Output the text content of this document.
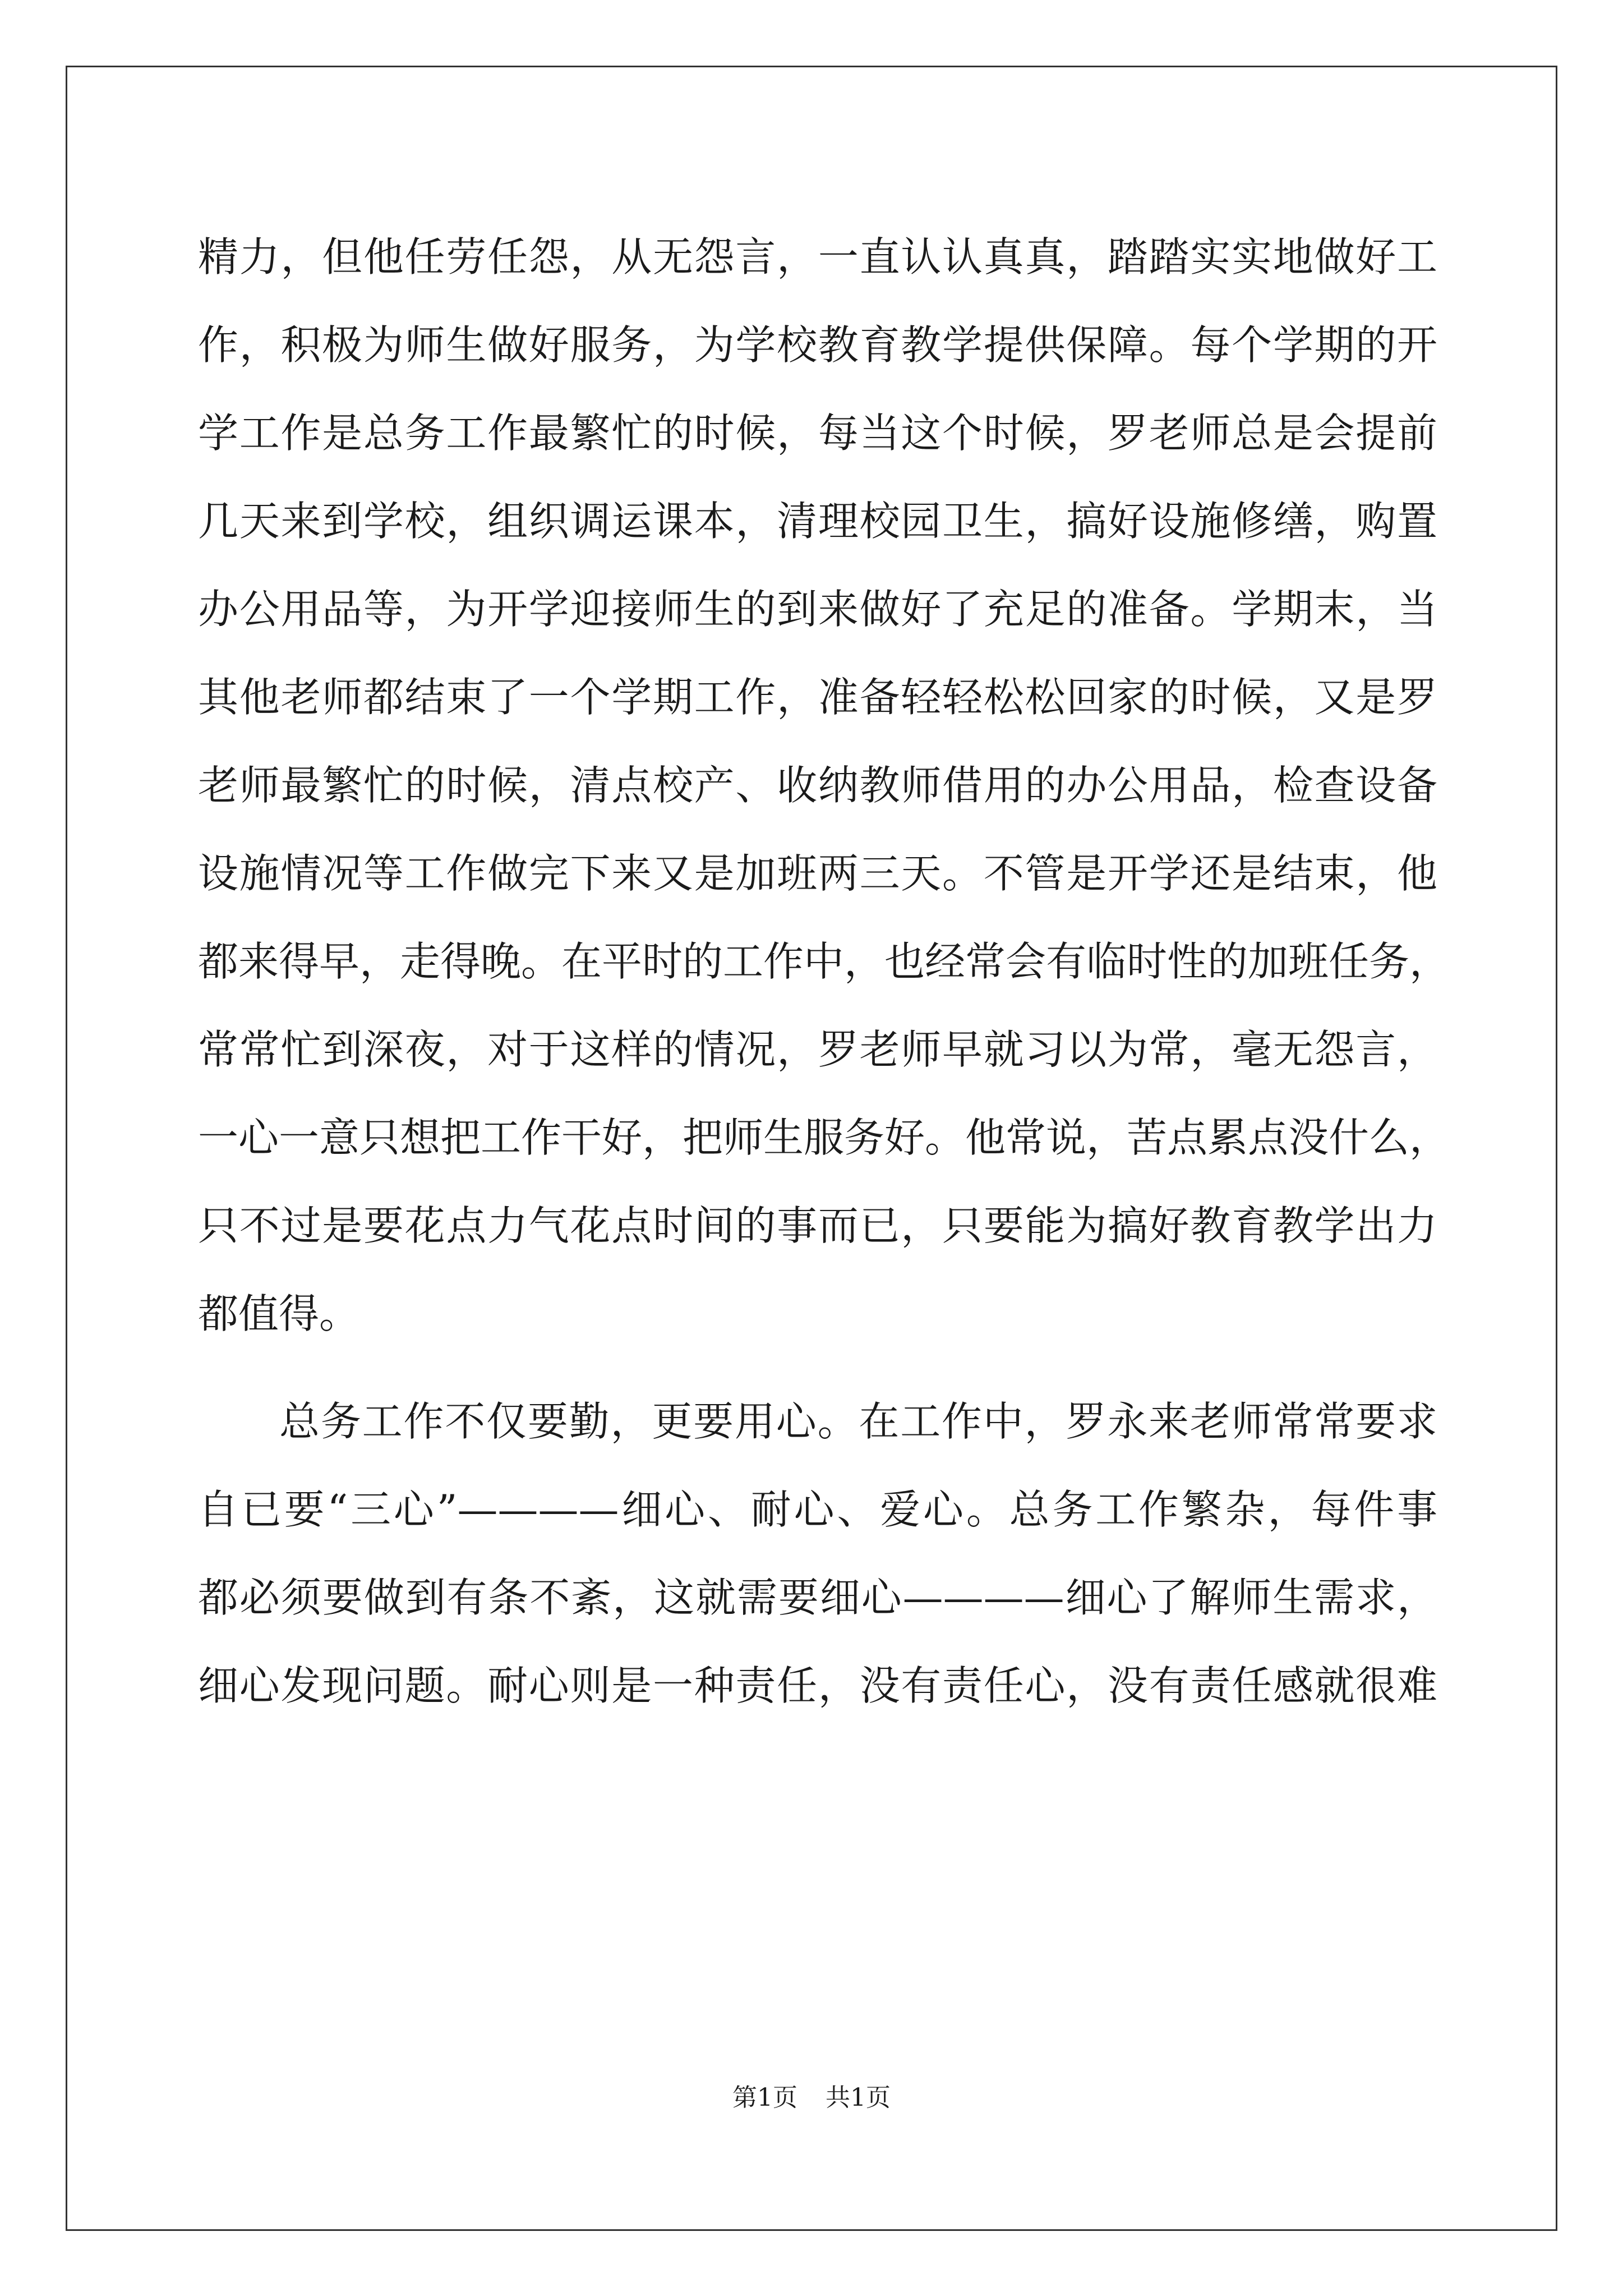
精力，但他任劳任怨，从无怨言，一直认认真真，踏踏实实地做好工
作，积极为师生做好服务，为学校教育教学提供保障。每个学期的开
学工作是总务工作最繁忙的时候，每当这个时候，罗老师总是会提前
几天来到学校，组织调运课本，清理校园卫生，搞好设施修缮，购置
办公用品等，为开学迎接师生的到来做好了充足的准备。学期末，当
其他老师都结束了一个学期工作，准备轻轻松松回家的时候，又是罗
老师最繁忙的时候，清点校产、收纳教师借用的办公用品，检查设备
设施情况等工作做完下来又是加班两三天。不管是开学还是结束，他
都来得早，走得晚。在平时的工作中，也经常会有临时性的加班任务，
常常忙到深夜，对于这样的情况，罗老师早就习以为常，毫无怨言，
一心一意只想把工作干好，把师生服务好。他常说，苦点累点没什么，
只不过是要花点力气花点时间的事而已，只要能为搞好教育教学出力
都值得。
总务工作不仅要勤，更要用心。在工作中，罗永来老师常常要求
自已要“三心”————细心、耐心、爱心。总务工作繁杂，每件事
都必须要做到有条不紊，这就需要细心————细心了解师生需求，
细心发现问题。耐心则是一种责任，没有责任心，没有责任感就很难
第1页 共1页
